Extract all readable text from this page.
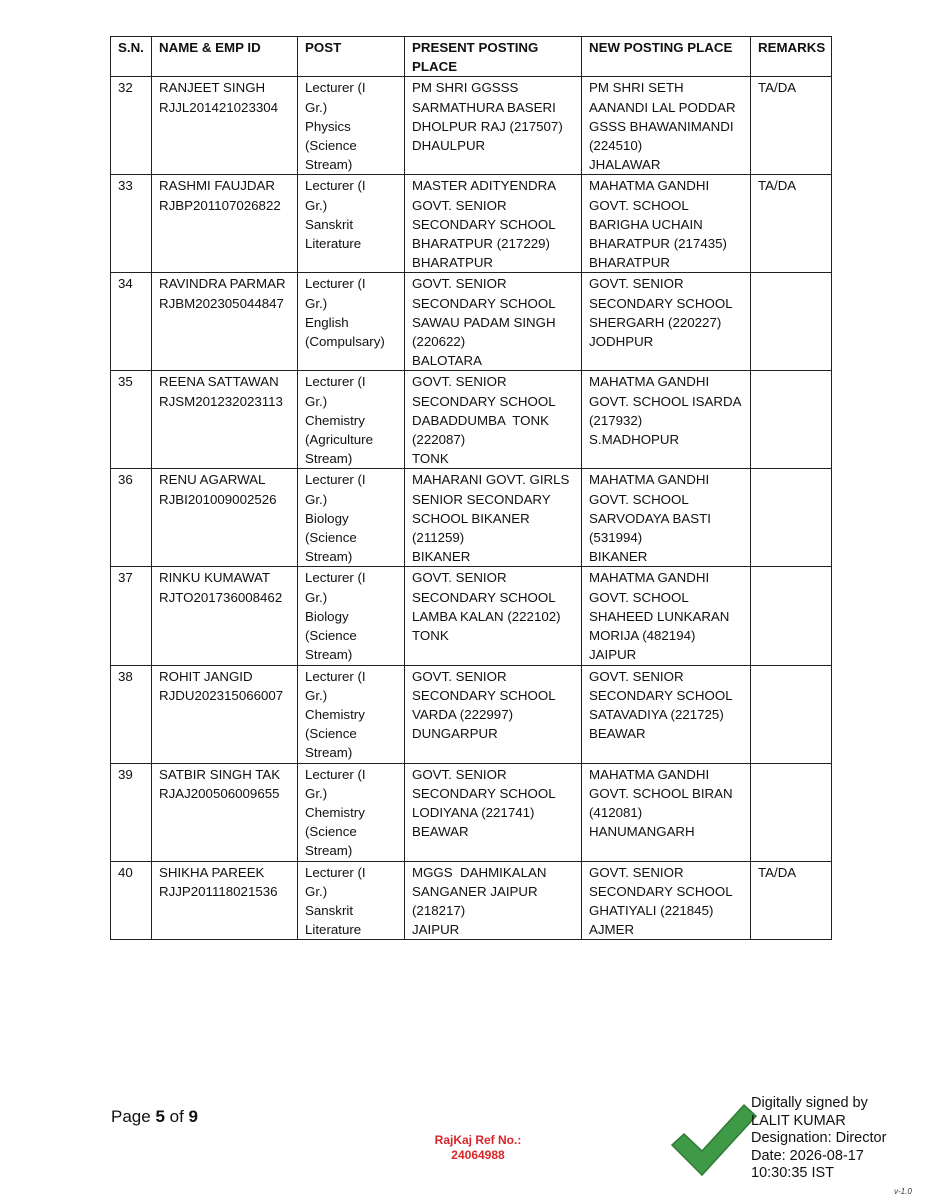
S.N.	NAME & EMP ID	POST	PRESENT POSTING PLACE	NEW POSTING PLACE	REMARKS

32	RANJEET SINGH
RJJL201421023304	Lecturer (I
Gr.)
Physics
(Science
Stream)	PM SHRI GGSSS
SARMATHURA BASERI
DHOLPUR RAJ (217507)
DHAULPUR	PM SHRI SETH
AANANDI LAL PODDAR
GSSS BHAWANIMANDI
(224510)
JHALAWAR	TA/DA

33	RASHMI FAUJDAR
RJBP201107026822	Lecturer (I
Gr.)
Sanskrit
Literature	MASTER ADITYENDRA
GOVT. SENIOR
SECONDARY SCHOOL
BHARATPUR (217229)
BHARATPUR	MAHATMA GANDHI
GOVT. SCHOOL
BARIGHA UCHAIN
BHARATPUR (217435)
BHARATPUR	TA/DA

34	RAVINDRA PARMAR
RJBM202305044847	Lecturer (I
Gr.)
English
(Compulsary)	GOVT. SENIOR
SECONDARY SCHOOL
SAWAU PADAM SINGH
(220622)
BALOTARA	GOVT. SENIOR
SECONDARY SCHOOL
SHERGARH (220227)
JODHPUR	

35	REENA SATTAWAN
RJSM201232023113	Lecturer (I
Gr.)
Chemistry
(Agriculture
Stream)	GOVT. SENIOR
SECONDARY SCHOOL
DABADDUMBA  TONK
(222087)
TONK	MAHATMA GANDHI
GOVT. SCHOOL ISARDA
(217932)
S.MADHOPUR	

36	RENU AGARWAL
RJBI201009002526	Lecturer (I
Gr.)
Biology
(Science
Stream)	MAHARANI GOVT. GIRLS
SENIOR SECONDARY
SCHOOL BIKANER
(211259)
BIKANER	MAHATMA GANDHI
GOVT. SCHOOL
SARVODAYA BASTI
(531994)
BIKANER	

37	RINKU KUMAWAT
RJTO201736008462	Lecturer (I
Gr.)
Biology
(Science
Stream)	GOVT. SENIOR
SECONDARY SCHOOL
LAMBA KALAN (222102)
TONK	MAHATMA GANDHI
GOVT. SCHOOL
SHAHEED LUNKARAN
MORIJA (482194)
JAIPUR	

38	ROHIT JANGID
RJDU202315066007	Lecturer (I
Gr.)
Chemistry
(Science
Stream)	GOVT. SENIOR
SECONDARY SCHOOL
VARDA (222997)
DUNGARPUR	GOVT. SENIOR
SECONDARY SCHOOL
SATAVADIYA (221725)
BEAWAR	

39	SATBIR SINGH TAK
RJAJ200506009655	Lecturer (I
Gr.)
Chemistry
(Science
Stream)	GOVT. SENIOR
SECONDARY SCHOOL
LODIYANA (221741)
BEAWAR	MAHATMA GANDHI
GOVT. SCHOOL BIRAN
(412081)
HANUMANGARH	

40	SHIKHA PAREEK
RJJP201118021536	Lecturer (I
Gr.)
Sanskrit
Literature	MGGS  DAHMIKALAN
SANGANER JAIPUR
(218217)
JAIPUR	GOVT. SENIOR
SECONDARY SCHOOL
GHATIYALI (221845)
AJMER	TA/DA
Page 5 of 9
RajKaj Ref No.:
24064988
Digitally signed by
LALIT KUMAR
Designation: Director
Date: 2026-08-17
10:30:35 IST
v-1.0
